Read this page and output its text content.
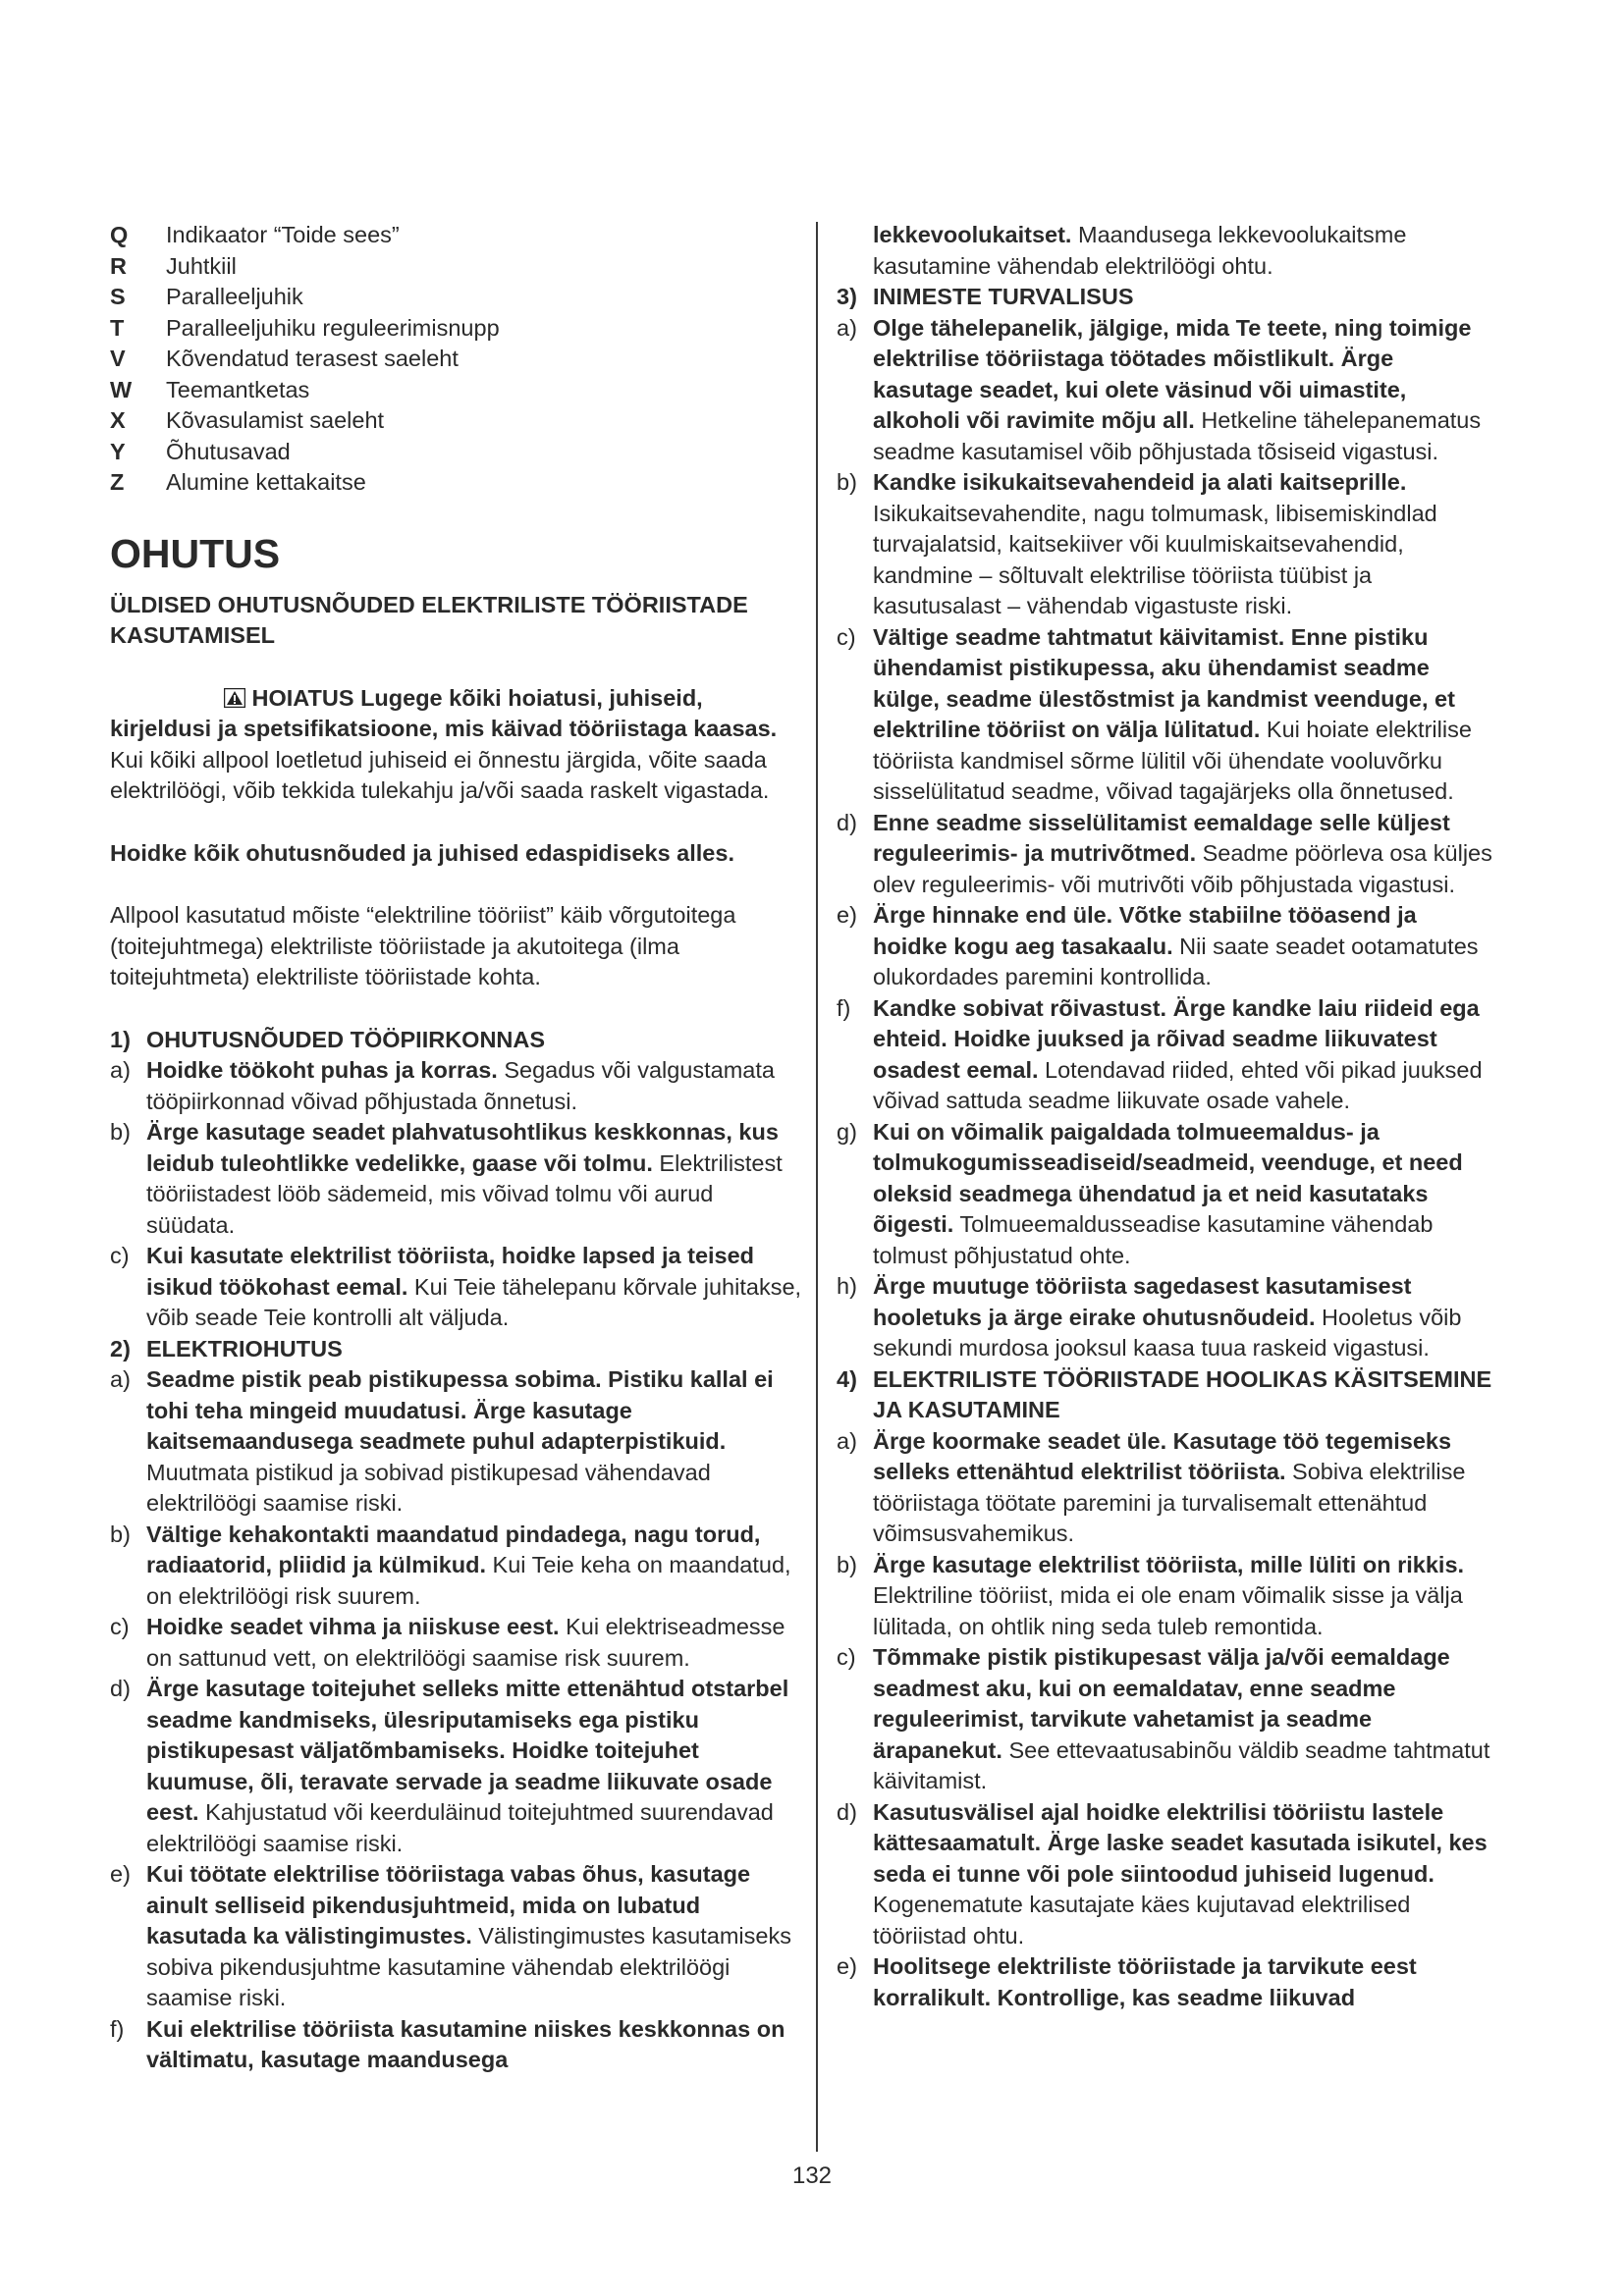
Q	Indikaator “Toide sees”
R	Juhtkiil
S	Paralleeljuhik
T	Paralleeljuhiku reguleerimisnupp
V	Kõvendatud terasest saeleht
W	Teemantketas
X	Kõvasulamist saeleht
Y	Õhutusavad
Z	Alumine kettakaitse
OHUTUS
ÜLDISED OHUTUSNÕUDED ELEKTRILISTE TÖÖRIISTADE KASUTAMISEL

HOIATUS Lugege kõiki hoiatusi, juhiseid, kirjeldusi ja spetsifikatsioone, mis käivad tööriistaga kaasas. Kui kõiki allpool loetletud juhiseid ei õnnestu järgida, võite saada elektrilöögi, võib tekkida tulekahju ja/või saada raskelt vigastada.

Hoidke kõik ohutusnõuded ja juhised edaspidiseks alles.

Allpool kasutatud mõiste “elektriline tööriist” käib võrgutoitega (toitejuhtmega) elektriliste tööriistade ja akutoitega (ilma toitejuhtmeta) elektriliste tööriistade kohta.

1) OHUTUSNÕUDED TÖÖPIIRKONNAS
a) Hoidke töökoht puhas ja korras. Segadus või valgustamata tööpiirkonnad võivad põhjustada õnnetusi.
b) Ärge kasutage seadet plahvatusohtlikus keskkonnas, kus leidub tuleohtlikke vedelikke, gaase või tolmu. Elektrilistest tööriistadest lööb sädemeid, mis võivad tolmu või aurud süüdata.
c) Kui kasutate elektrilist tööriista, hoidke lapsed ja teised isikud töökohast eemal. Kui Teie tähelepanu kõrvale juhitakse, võib seade Teie kontrolli alt väljuda.
2) ELEKTRIOHUTUS
a) Seadme pistik peab pistikupessa sobima. Pistiku kallal ei tohi teha mingeid muudatusi. Ärge kasutage kaitsemaandusega seadmete puhul adapterpistikuid. Muutmata pistikud ja sobivad pistikupesad vähendavad elektrilöögi saamise riski.
b) Vältige kehakontakti maandatud pindadega, nagu torud, radiaatorid, pliidid ja külmikud. Kui Teie keha on maandatud, on elektrilöögi risk suurem.
c) Hoidke seadet vihma ja niiskuse eest. Kui elektriseadmesse on sattunud vett, on elektrilöögi saamise risk suurem.
d) Ärge kasutage toitejuhet selleks mitte ettenähtud otstarbel seadme kandmiseks, ülesriputamiseks ega pistiku pistikupesast väljatõmbamiseks. Hoidke toitejuhet kuumuse, õli, teravate servade ja seadme liikuvate osade eest. Kahjustatud või keerduläinud toitejuhtmed suurendavad elektrilöögi saamise riski.
e) Kui töötate elektrilise tööriistaga vabas õhus, kasutage ainult selliseid pikendusjuhtmeid, mida on lubatud kasutada ka välistingimustes. Välistingimustes kasutamiseks sobiva pikendusjuhtme kasutamine vähendab elektrilöögi saamise riski.
f) Kui elektrilise tööriista kasutamine niiskes keskkonnas on vältimatu, kasutage maandusega
lekkevoolukaitset. Maandusega lekkevoolukaitsme kasutamine vähendab elektrilöögi ohtu.
3) INIMESTE TURVALISUS
a) Olge tähelepanelik, jälgige, mida Te teete, ning toimige elektrilise tööriistaga töötades mõistlikult. Ärge kasutage seadet, kui olete väsinud või uimastite, alkoholi või ravimite mõju all. Hetkeline tähelepanematus seadme kasutamisel võib põhjustada tõsiseid vigastusi.
b) Kandke isikukaitsevahendeid ja alati kaitseprille. Isikukaitsevahendite, nagu tolmumask, libisemiskindlad turvajalatsid, kaitsekiiver või kuulmiskaitsevahendid, kandmine – sõltuvalt elektrilise tööriista tüübist ja kasutusalast – vähendab vigastuste riski.
c) Vältige seadme tahtmatut käivitamist. Enne pistiku ühendamist pistikupessa, aku ühendamist seadme külge, seadme ülestõstmist ja kandmist veenduge, et elektriline tööriist on välja lülitatud. Kui hoiate elektrilise tööriista kandmisel sõrme lülitil või ühendate vooluvõrku sisselülitatud seadme, võivad tagajärjeks olla õnnetused.
d) Enne seadme sisselülitamist eemaldage selle küljest reguleerimis- ja mutrivõtmed. Seadme pöörleva osa küljes olev reguleerimis- või mutrivõti võib põhjustada vigastusi.
e) Ärge hinnake end üle. Võtke stabiilne tööasend ja hoidke kogu aeg tasakaalu. Nii saate seadet ootamatutes olukordades paremini kontrollida.
f) Kandke sobivat rõivastust. Ärge kandke laiu riideid ega ehteid. Hoidke juuksed ja rõivad seadme liikuvatest osadest eemal. Lotendavad riided, ehted või pikad juuksed võivad sattuda seadme liikuvate osade vahele.
g) Kui on võimalik paigaldada tolmueemaldus- ja tolmukogumisseadiseid/seadmeid, veenduge, et need oleksid seadmega ühendatud ja et neid kasutataks õigesti. Tolmueemaldusseadise kasutamine vähendab tolmust põhjustatud ohte.
h) Ärge muutuge tööriista sagedasest kasutamisest hooletuks ja ärge eirake ohutusnõudeid. Hooletus võib sekundi murdosa jooksul kaasa tuua raskeid vigastusi.
4) ELEKTRILISTE TÖÖRIISTADE HOOLIKAS KÄSITSEMINE JA KASUTAMINE
a) Ärge koormake seadet üle. Kasutage töö tegemiseks selleks ettenähtud elektrilist tööriista. Sobiva elektrilise tööriistaga töötate paremini ja turvalisemalt ettenähtud võimsusvahemikus.
b) Ärge kasutage elektrilist tööriista, mille lüliti on rikkis. Elektriline tööriist, mida ei ole enam võimalik sisse ja välja lülitada, on ohtlik ning seda tuleb remontida.
c) Tõmmake pistik pistikupesast välja ja/või eemaldage seadmest aku, kui on eemaldatav, enne seadme reguleerimist, tarvikute vahetamist ja seadme ärapanekut. See ettevaatusabinõu väldib seadme tahtmatut käivitamist.
d) Kasutusvälisel ajal hoidke elektrilisi tööriistu lastele kättesaamatult. Ärge laske seadet kasutada isikutel, kes seda ei tunne või pole siintoodud juhiseid lugenud. Kogenematute kasutajate käes kujutavad elektrilised tööriistad ohtu.
e) Hoolitsege elektriliste tööriistade ja tarvikute eest korralikult. Kontrollige, kas seadme liikuvad
132
